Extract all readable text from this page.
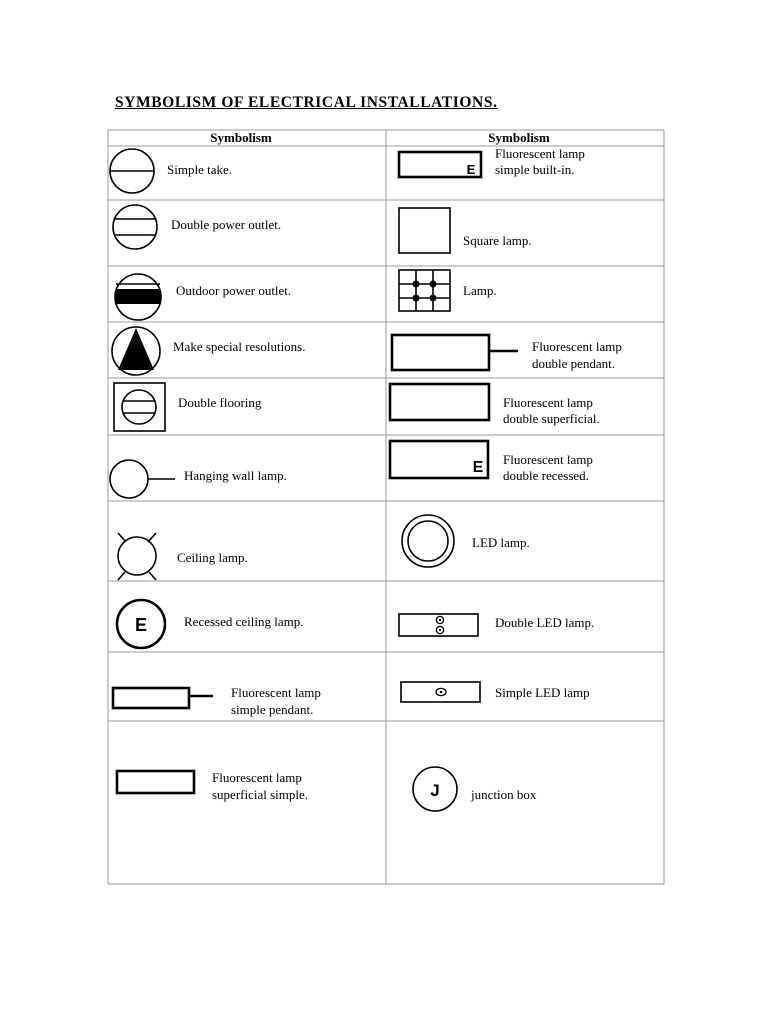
SYMBOLISM OF ELECTRICAL INSTALLATIONS.
Symbolism	Symbolism
E
E
E
J
Simple take.
Double power outlet.
Outdoor power outlet.
Make special resolutions.
Double flooring
Hanging wall lamp.
Ceiling lamp.
Recessed ceiling lamp.
Fluorescent lamp
simple pendant.
Fluorescent lamp
superficial simple.
Fluorescent lamp
simple built-in.
Square lamp.
Lamp.
Fluorescent lamp
double pendant.
Fluorescent lamp
double superficial.
Fluorescent lamp
double recessed.
LED lamp.
Double LED lamp.
Simple LED lamp
junction box
